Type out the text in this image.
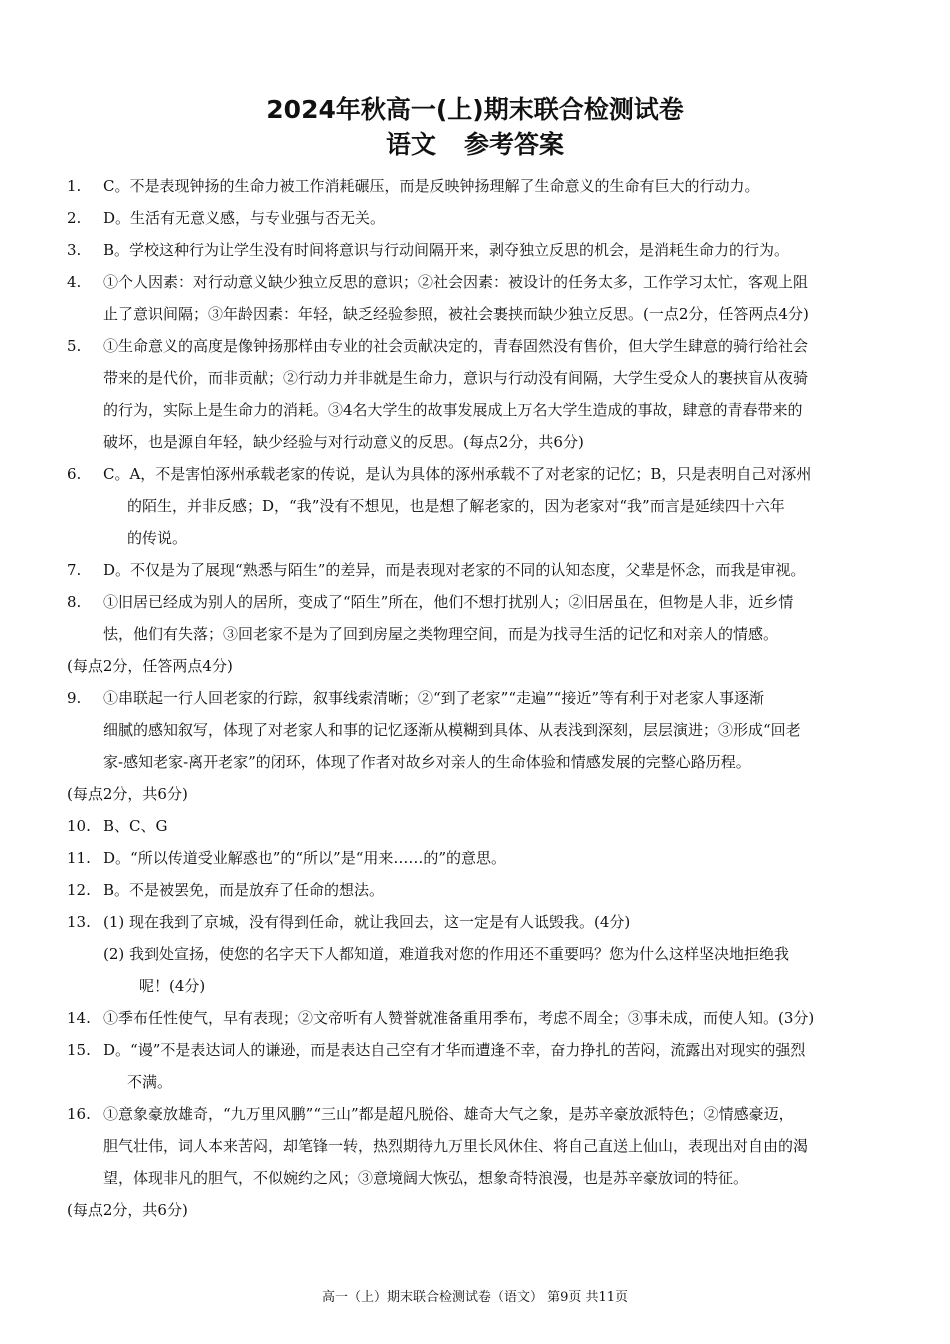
2024年秋高一(上)期末联合检测试卷
语文 参考答案
1. C。不是表现钟扬的生命力被工作消耗碾压，而是反映钟扬理解了生命意义的生命有巨大的行动力。
2. D。生活有无意义感，与专业强与否无关。
3. B。学校这种行为让学生没有时间将意识与行动间隔开来，剥夺独立反思的机会，是消耗生命力的行为。
4. ①个人因素：对行动意义缺少独立反思的意识；②社会因素：被设计的任务太多，工作学习太忙，客观上阻
止了意识间隔；③年龄因素：年轻，缺乏经验参照，被社会裹挟而缺少独立反思。(一点2分，任答两点4分)
5. ①生命意义的高度是像钟扬那样由专业的社会贡献决定的，青春固然没有售价，但大学生肆意的骑行给社会
带来的是代价，而非贡献；②行动力并非就是生命力，意识与行动没有间隔，大学生受众人的裹挟盲从夜骑
的行为，实际上是生命力的消耗。③4名大学生的故事发展成上万名大学生造成的事故，肆意的青春带来的
破坏，也是源自年轻，缺少经验与对行动意义的反思。(每点2分，共6分)
6. C。A，不是害怕涿州承载老家的传说，是认为具体的涿州承载不了对老家的记忆；B，只是表明自己对涿州
的陌生，并非反感；D，“我”没有不想见，也是想了解老家的，因为老家对“我”而言是延续四十六年
的传说。
7. D。不仅是为了展现“熟悉与陌生”的差异，而是表现对老家的不同的认知态度，父辈是怀念，而我是审视。
8. ①旧居已经成为别人的居所，变成了“陌生”所在，他们不想打扰别人；②旧居虽在，但物是人非，近乡情
怯，他们有失落；③回老家不是为了回到房屋之类物理空间，而是为找寻生活的记忆和对亲人的情感。
(每点2分，任答两点4分)
9. ①串联起一行人回老家的行踪，叙事线索清晰；②“到了老家”“走遍”“接近”等有利于对老家人事逐渐
细腻的感知叙写，体现了对老家人和事的记忆逐渐从模糊到具体、从表浅到深刻，层层演进；③形成“回老
家-感知老家-离开老家”的闭环，体现了作者对故乡对亲人的生命体验和情感发展的完整心路历程。
(每点2分，共6分)
10. B、C、G
11. D。“所以传道受业解惑也”的“所以”是“用来……的”的意思。
12. B。不是被罢免，而是放弃了任命的想法。
13. (1) 现在我到了京城，没有得到任命，就让我回去，这一定是有人诋毁我。(4分)
(2) 我到处宣扬，使您的名字天下人都知道，难道我对您的作用还不重要吗？您为什么这样坚决地拒绝我
呢！(4分)
14. ①季布任性使气，早有表现；②文帝听有人赞誉就准备重用季布，考虑不周全；③事未成，而使人知。(3分)
15. D。“谩”不是表达词人的谦逊，而是表达自己空有才华而遭逢不幸，奋力挣扎的苦闷，流露出对现实的强烈
不满。
16. ①意象豪放雄奇，“九万里风鹏”“三山”都是超凡脱俗、雄奇大气之象，是苏辛豪放派特色；②情感豪迈，
胆气壮伟，词人本来苦闷，却笔锋一转，热烈期待九万里长风休住、将自己直送上仙山，表现出对自由的渴
望，体现非凡的胆气，不似婉约之风；③意境阔大恢弘，想象奇特浪漫，也是苏辛豪放词的特征。
(每点2分，共6分)
高一（上）期末联合检测试卷（语文） 第9页 共11页
